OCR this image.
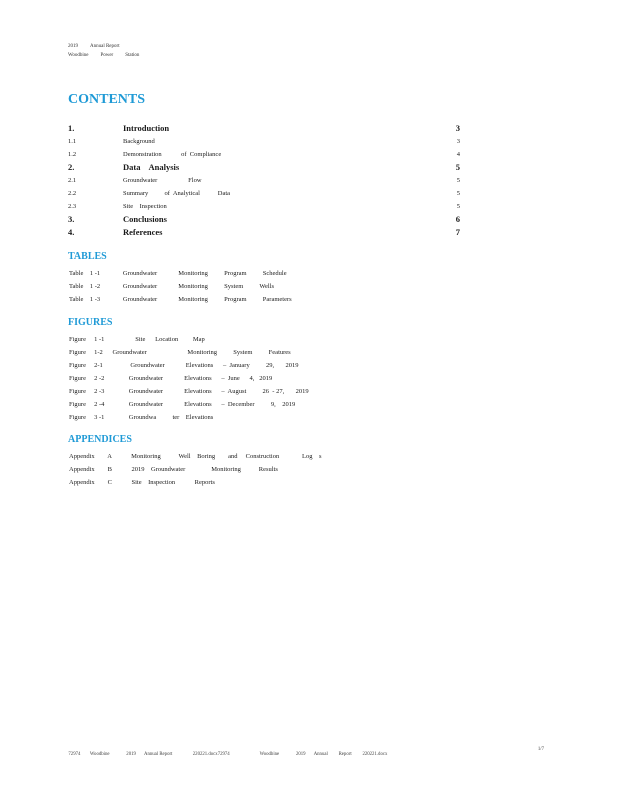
2019 Annual Report
Woodbine Power Station
CONTENTS
1.	Introduction	3
1.1	Background	3
1.2	Demonstration            of  Compliance	4
2.	Data    Analysis	5
2.1	Groundwater                   Flow	5
2.2	Summary          of  Analytical           Data	5
2.3	Site    Inspection	5
3.	Conclusions	6
4.	References	7
TABLES
Table    1 -1              Groundwater             Monitoring          Program          Schedule
Table    1 -2              Groundwater             Monitoring          System          Wells
Table    1 -3              Groundwater             Monitoring          Program          Parameters
FIGURES
Figure     1 -1                   Site      Location         Map
Figure     1-2      Groundwater                         Monitoring          System          Features
Figure     2-1                 Groundwater             Elevations      –  January          29,       2019
Figure     2 -2               Groundwater             Elevations      –  June      4,   2019
Figure     2 -3               Groundwater             Elevations      –  August          26  - 27,       2019
Figure     2 -4               Groundwater             Elevations      –  December          9,    2019
Figure     3 -1               Groundwa          ter    Elevations
APPENDICES
Appendix        A            Monitoring           Well    Boring        and     Construction              Log    s
Appendix        B            2019    Groundwater                Monitoring           Results
Appendix        C            Site    Inspection            Reports

72974        Woodbine              2019       Annual Report                 220221.docx72974                         Woodbine              2019       Annual         Report         220221.docx

1/7
